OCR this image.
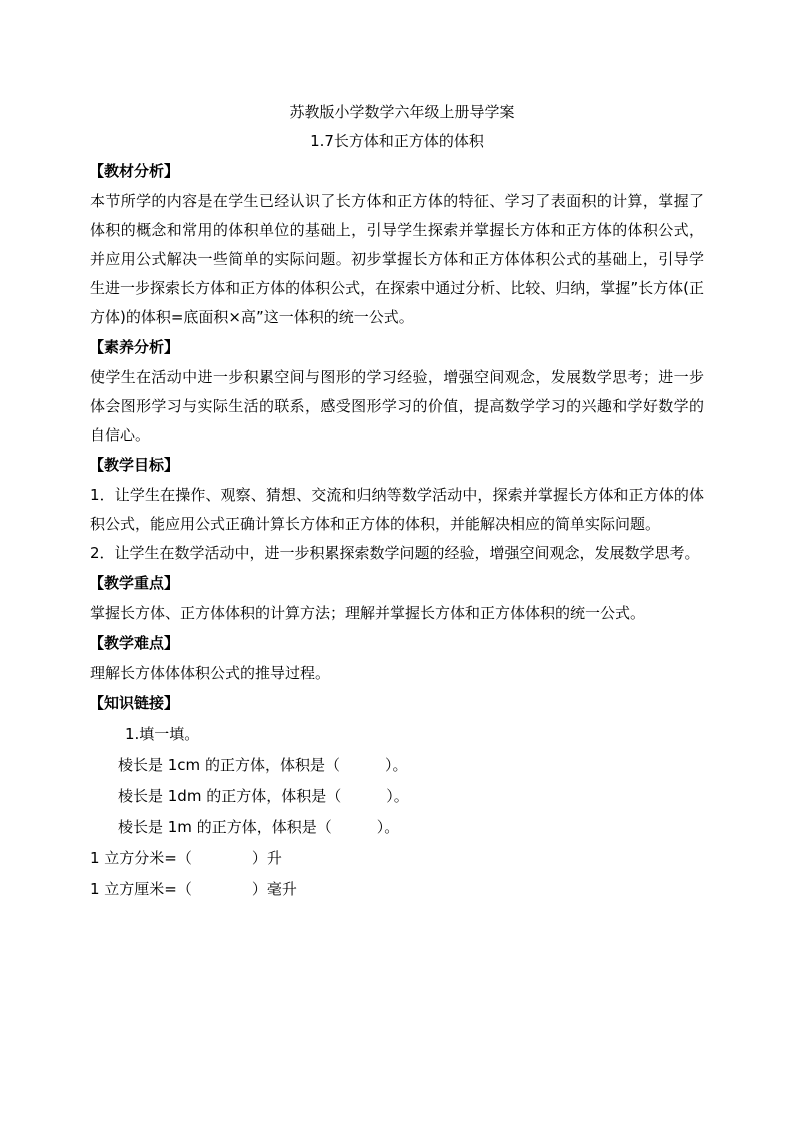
苏教版小学数学六年级上册导学案
1.7长方体和正方体的体积
【教材分析】
本节所学的内容是在学生已经认识了长方体和正方体的特征、学习了表面积的计算，掌握了体积的概念和常用的体积单位的基础上，引导学生探索并掌握长方体和正方体的体积公式，并应用公式解决一些简单的实际问题。初步掌握长方体和正方体体积公式的基础上，引导学生进一步探索长方体和正方体的体积公式，在探索中通过分析、比较、归纳，掌握”长方体(正方体)的体积=底面积×高”这一体积的统一公式。
【素养分析】
使学生在活动中进一步积累空间与图形的学习经验，增强空间观念，发展数学思考；进一步体会图形学习与实际生活的联系，感受图形学习的价值，提高数学学习的兴趣和学好数学的自信心。
【教学目标】
1．让学生在操作、观察、猜想、交流和归纳等数学活动中，探索并掌握长方体和正方体的体积公式，能应用公式正确计算长方体和正方体的体积，并能解决相应的简单实际问题。
2．让学生在数学活动中，进一步积累探索数学问题的经验，增强空间观念，发展数学思考。
【教学重点】
掌握长方体、正方体体积的计算方法；理解并掌握长方体和正方体体积的统一公式。
【教学难点】
理解长方体体体积公式的推导过程。
【知识链接】
1.填一填。
棱长是 1cm 的正方体，体积是（　　　）。
棱长是 1dm 的正方体，体积是（　　　）。
棱长是 1m 的正方体，体积是（　　　）。
1 立方分米=（　　　　）升
1 立方厘米=（　　　　）毫升
